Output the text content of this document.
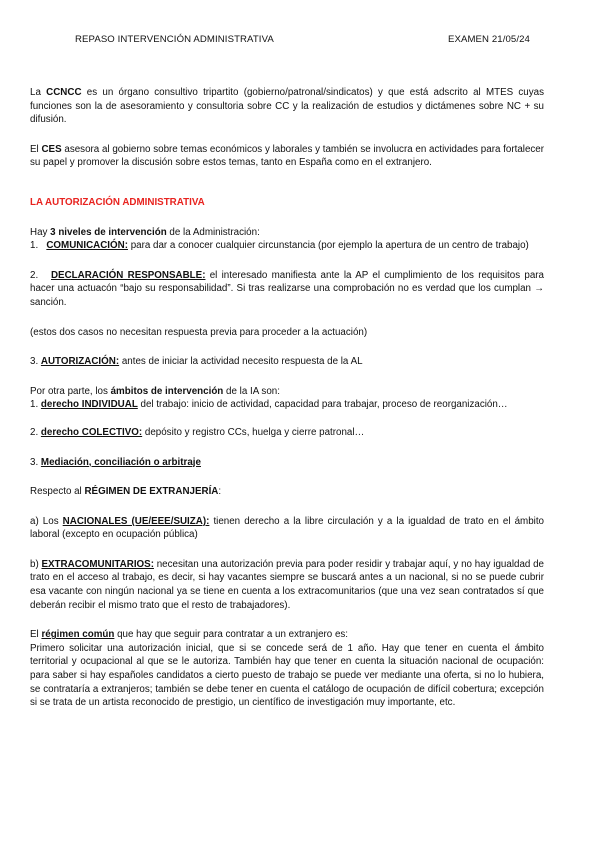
REPASO INTERVENCIÓN ADMINISTRATIVA	EXAMEN 21/05/24

La CCNCC es un órgano consultivo tripartito (gobierno/patronal/sindicatos) y que está adscrito al MTES cuyas funciones son la de asesoramiento y consultoria sobre CC y la realización de estudios y dictámenes sobre NC + su difusión.

El CES asesora al gobierno sobre temas económicos y laborales y también se involucra en actividades para fortalecer su papel y promover la discusión sobre estos temas, tanto en España como en el extranjero.

LA AUTORIZACIÓN ADMINISTRATIVA

Hay 3 niveles de intervención de la Administración:

1.   COMUNICACIÓN: para dar a conocer cualquier circunstancia (por ejemplo la apertura de un centro de trabajo)

2.   DECLARACIÓN RESPONSABLE: el interesado manifiesta ante la AP el cumplimiento de los requisitos para hacer una actuacón “bajo su responsabilidad”. Si tras realizarse una comprobación no es verdad que los cumplan → sanción.

(estos dos casos no necesitan respuesta previa para proceder a la actuación)

3. AUTORIZACIÓN: antes de iniciar la actividad necesito respuesta de la AL

Por otra parte, los ámbitos de intervención de la IA son:

1. derecho INDIVIDUAL del trabajo: inicio de actividad, capacidad para trabajar, proceso de reorganización…

2. derecho COLECTIVO: depósito y registro CCs, huelga y cierre patronal…

3. Mediación, conciliación o arbitraje

Respecto al RÉGIMEN DE EXTRANJERÍA:

a) Los NACIONALES (UE/EEE/SUIZA): tienen derecho a la libre circulación y a la igualdad de trato en el ámbito laboral (excepto en ocupación pública)

b) EXTRACOMUNITARIOS: necesitan una autorización previa para poder residir y trabajar aquí, y no hay igualdad de trato en el acceso al trabajo, es decir, si hay vacantes siempre se buscará antes a un nacional, si no se puede cubrir esa vacante con ningún nacional ya se tiene en cuenta a los extracomunitarios (que una vez sean contratados sí que deberán recibir el mismo trato que el resto de trabajadores).

El régimen común que hay que seguir para contratar a un extranjero es:

Primero solicitar una autorización inicial, que si se concede será de 1 año. Hay que tener en cuenta el ámbito territorial y ocupacional al que se le autoriza. También hay que tener en cuenta la situación nacional de ocupación: para saber si hay españoles candidatos a cierto puesto de trabajo se puede ver mediante una oferta, si no lo hubiera, se contrataría a extranjeros; también se debe tener en cuenta el catálogo de ocupación de difícil cobertura; excepción si se trata de un artista reconocido de prestigio, un científico de investigación muy importante, etc.
